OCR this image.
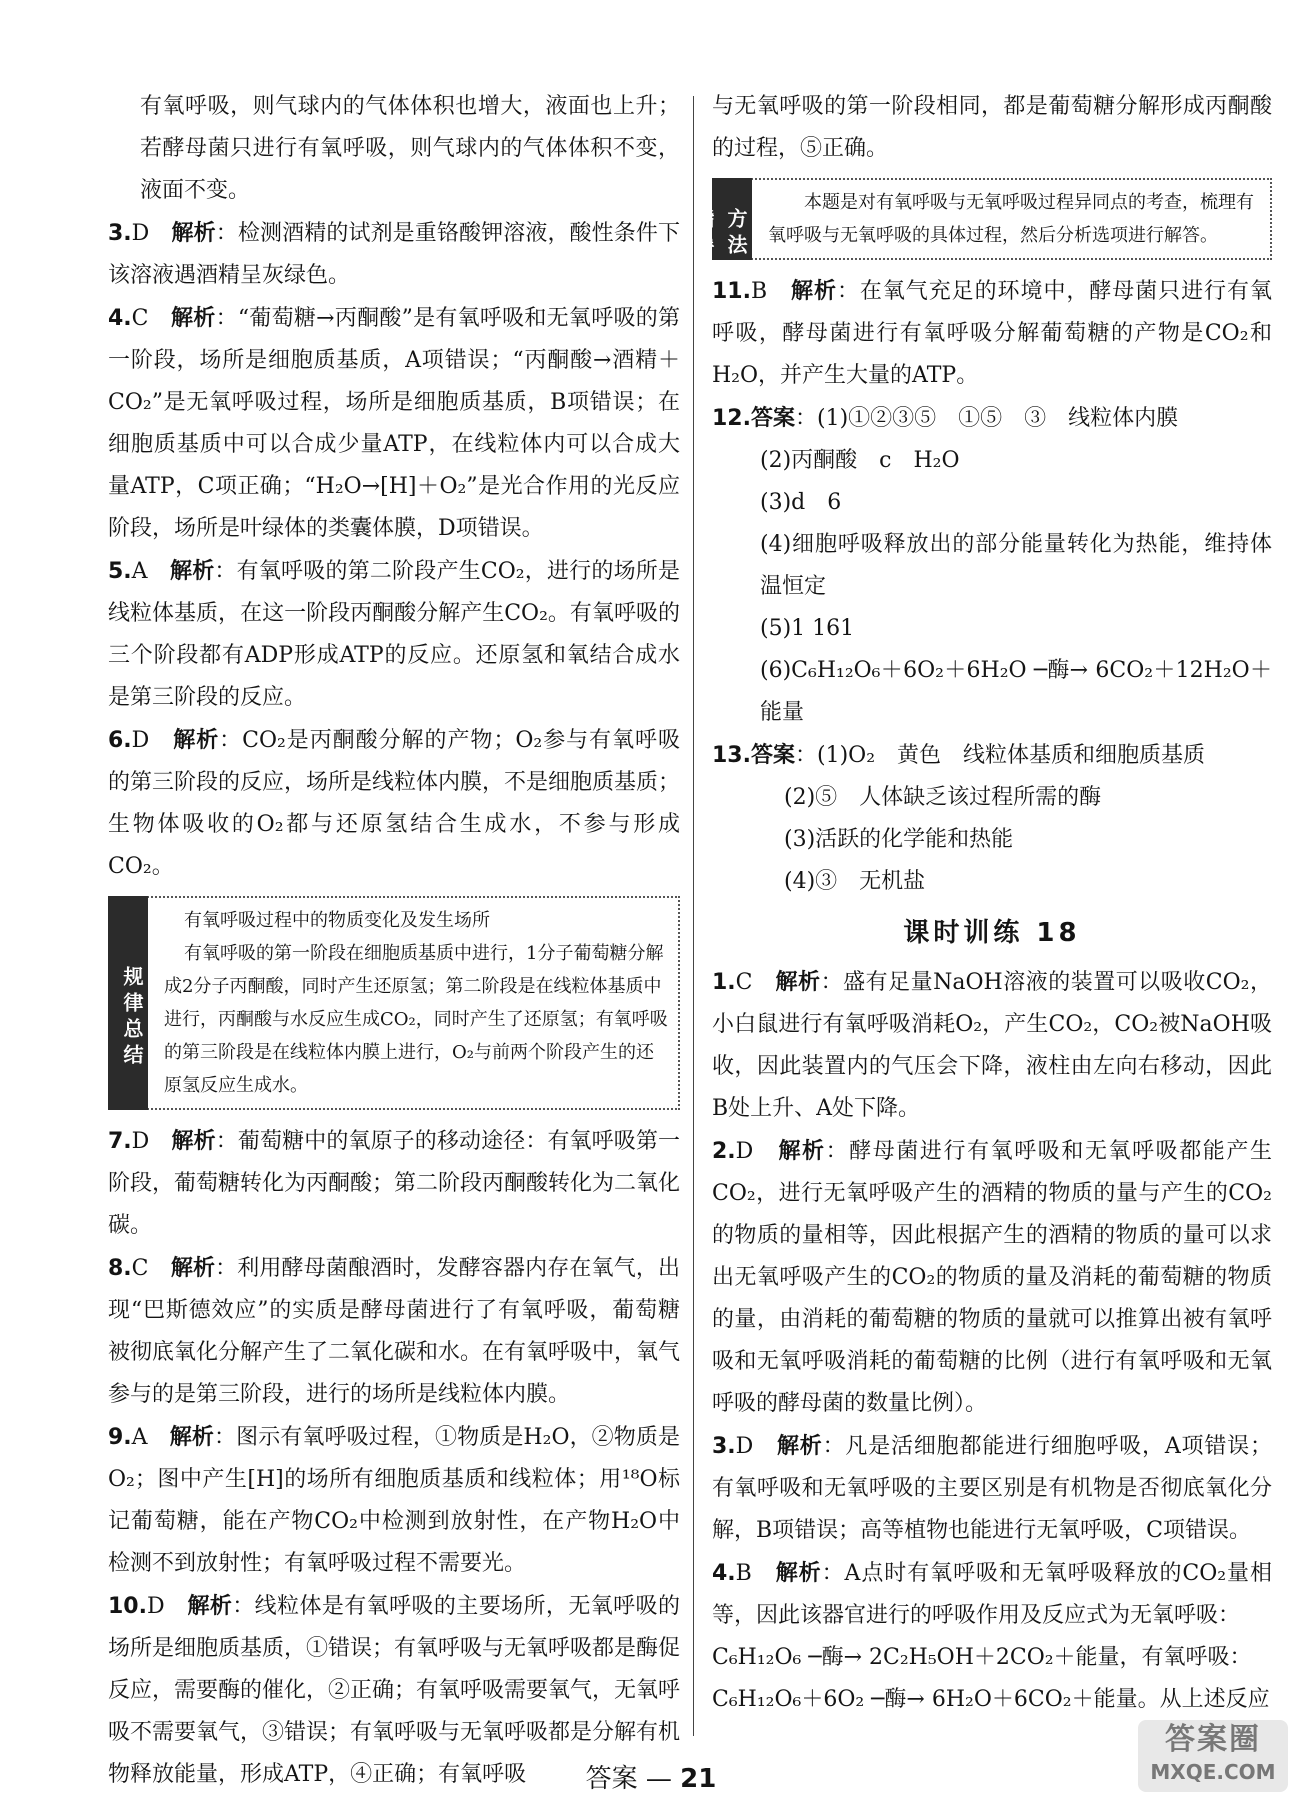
有氧呼吸，则气球内的气体体积也增大，液面也上升；若酵母菌只进行有氧呼吸，则气球内的气体体积不变，液面不变。
3.D　 解析：检测酒精的试剂是重铬酸钾溶液，酸性条件下该溶液遇酒精呈灰绿色。
4.C　 解析：“葡萄糖→丙酮酸”是有氧呼吸和无氧呼吸的第一阶段，场所是细胞质基质，A项错误；“丙酮酸→酒精＋CO₂”是无氧呼吸过程，场所是细胞质基质，B项错误；在细胞质基质中可以合成少量ATP，在线粒体内可以合成大量ATP，C项正确；“H₂O→[H]＋O₂”是光合作用的光反应阶段，场所是叶绿体的类囊体膜，D项错误。
5.A　 解析：有氧呼吸的第二阶段产生CO₂，进行的场所是线粒体基质，在这一阶段丙酮酸分解产生CO₂。有氧呼吸的三个阶段都有ADP形成ATP的反应。还原氢和氧结合成水是第三阶段的反应。
6.D　 解析：CO₂是丙酮酸分解的产物；O₂参与有氧呼吸的第三阶段的反应，场所是线粒体内膜，不是细胞质基质；生物体吸收的O₂都与还原氢结合生成水，不参与形成CO₂。
规律总结
有氧呼吸过程中的物质变化及发生场所
有氧呼吸的第一阶段在细胞质基质中进行，1分子葡萄糖分解成2分子丙酮酸，同时产生还原氢；第二阶段是在线粒体基质中进行，丙酮酸与水反应生成CO₂，同时产生了还原氢；有氧呼吸的第三阶段是在线粒体内膜上进行，O₂与前两个阶段产生的还原氢反应生成水。
7.D　 解析：葡萄糖中的氧原子的移动途径：有氧呼吸第一阶段，葡萄糖转化为丙酮酸；第二阶段丙酮酸转化为二氧化碳。
8.C　 解析：利用酵母菌酿酒时，发酵容器内存在氧气，出现“巴斯德效应”的实质是酵母菌进行了有氧呼吸，葡萄糖被彻底氧化分解产生了二氧化碳和水。在有氧呼吸中，氧气参与的是第三阶段，进行的场所是线粒体内膜。
9.A　 解析：图示有氧呼吸过程，①物质是H₂O，②物质是O₂；图中产生[H]的场所有细胞质基质和线粒体；用¹⁸O标记葡萄糖，能在产物CO₂中检测到放射性，在产物H₂O中检测不到放射性；有氧呼吸过程不需要光。
10.D　 解析：线粒体是有氧呼吸的主要场所，无氧呼吸的场所是细胞质基质，①错误；有氧呼吸与无氧呼吸都是酶促反应，需要酶的催化，②正确；有氧呼吸需要氧气，无氧呼吸不需要氧气，③错误；有氧呼吸与无氧呼吸都是分解有机物释放能量，形成ATP，④正确；有氧呼吸
与无氧呼吸的第一阶段相同，都是葡萄糖分解形成丙酮酸的过程，⑤正确。
方法指导
本题是对有氧呼吸与无氧呼吸过程异同点的考查，梳理有氧呼吸与无氧呼吸的具体过程，然后分析选项进行解答。
11.B　 解析：在氧气充足的环境中，酵母菌只进行有氧呼吸，酵母菌进行有氧呼吸分解葡萄糖的产物是CO₂和H₂O，并产生大量的ATP。
12.答案：(1)①②③⑤　①⑤　③　线粒体内膜
(2)丙酮酸　c　H₂O
(3)d　6
(4)细胞呼吸释放出的部分能量转化为热能，维持体温恒定
(5)1 161
(6)C₆H₁₂O₆＋6O₂＋6H₂O ─酶→ 6CO₂＋12H₂O＋能量
13.答案：(1)O₂　黄色　线粒体基质和细胞质基质
(2)⑤　人体缺乏该过程所需的酶
(3)活跃的化学能和热能
(4)③　无机盐
课时训练 18
1.C　 解析：盛有足量NaOH溶液的装置可以吸收CO₂，小白鼠进行有氧呼吸消耗O₂，产生CO₂，CO₂被NaOH吸收，因此装置内的气压会下降，液柱由左向右移动，因此B处上升、A处下降。
2.D　 解析：酵母菌进行有氧呼吸和无氧呼吸都能产生CO₂，进行无氧呼吸产生的酒精的物质的量与产生的CO₂的物质的量相等，因此根据产生的酒精的物质的量可以求出无氧呼吸产生的CO₂的物质的量及消耗的葡萄糖的物质的量，由消耗的葡萄糖的物质的量就可以推算出被有氧呼吸和无氧呼吸消耗的葡萄糖的比例（进行有氧呼吸和无氧呼吸的酵母菌的数量比例）。
3.D　 解析：凡是活细胞都能进行细胞呼吸，A项错误；有氧呼吸和无氧呼吸的主要区别是有机物是否彻底氧化分解，B项错误；高等植物也能进行无氧呼吸，C项错误。
4.B　 解析：A点时有氧呼吸和无氧呼吸释放的CO₂量相等，因此该器官进行的呼吸作用及反应式为无氧呼吸：
C₆H₁₂O₆ ─酶→ 2C₂H₅OH＋2CO₂＋能量，有氧呼吸：
C₆H₁₂O₆＋6O₂ ─酶→ 6H₂O＋6CO₂＋能量。从上述反应
答案 — 21
答案圈
MXQE.COM
